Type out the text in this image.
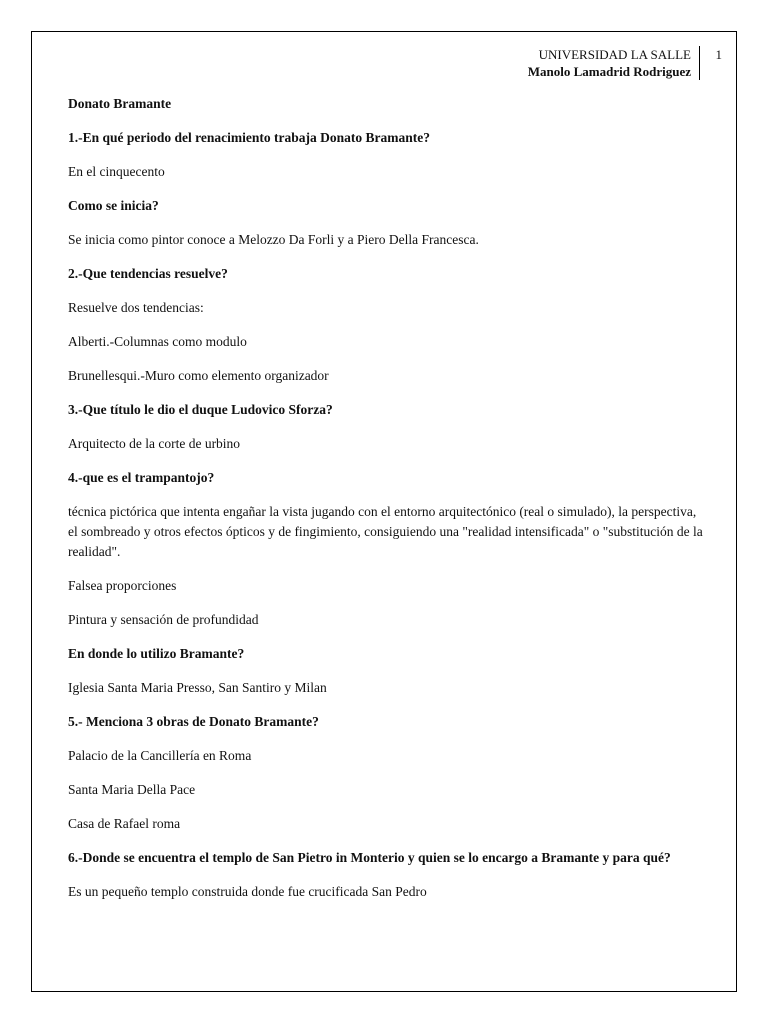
UNIVERSIDAD LA SALLE
Manolo Lamadrid Rodriguez
1

Donato Bramante

1.-En qué periodo del renacimiento trabaja Donato Bramante?

En el cinquecento

Como se inicia?

Se inicia como pintor conoce a Melozzo Da Forli y a Piero Della Francesca.

2.-Que tendencias resuelve?

Resuelve dos tendencias:

Alberti.-Columnas como modulo

Brunellesqui.-Muro como elemento organizador

3.-Que título le dio el duque Ludovico Sforza?

Arquitecto de la corte de urbino

4.-que es el trampantojo?

técnica pictórica que intenta engañar la vista jugando con el entorno arquitectónico (real o simulado), la perspectiva, el sombreado y otros efectos ópticos y de fingimiento, consiguiendo una "realidad intensificada" o "substitución de la realidad".

Falsea proporciones

Pintura y sensación de profundidad

En donde lo utilizo Bramante?

Iglesia Santa Maria Presso, San Santiro y Milan

5.- Menciona 3 obras de Donato Bramante?

Palacio de la Cancillería en Roma

Santa Maria Della Pace

Casa de Rafael roma

6.-Donde se encuentra el templo de San Pietro in Monterio y quien se lo encargo a Bramante y para qué?

Es un pequeño templo construida donde fue crucificada San Pedro
